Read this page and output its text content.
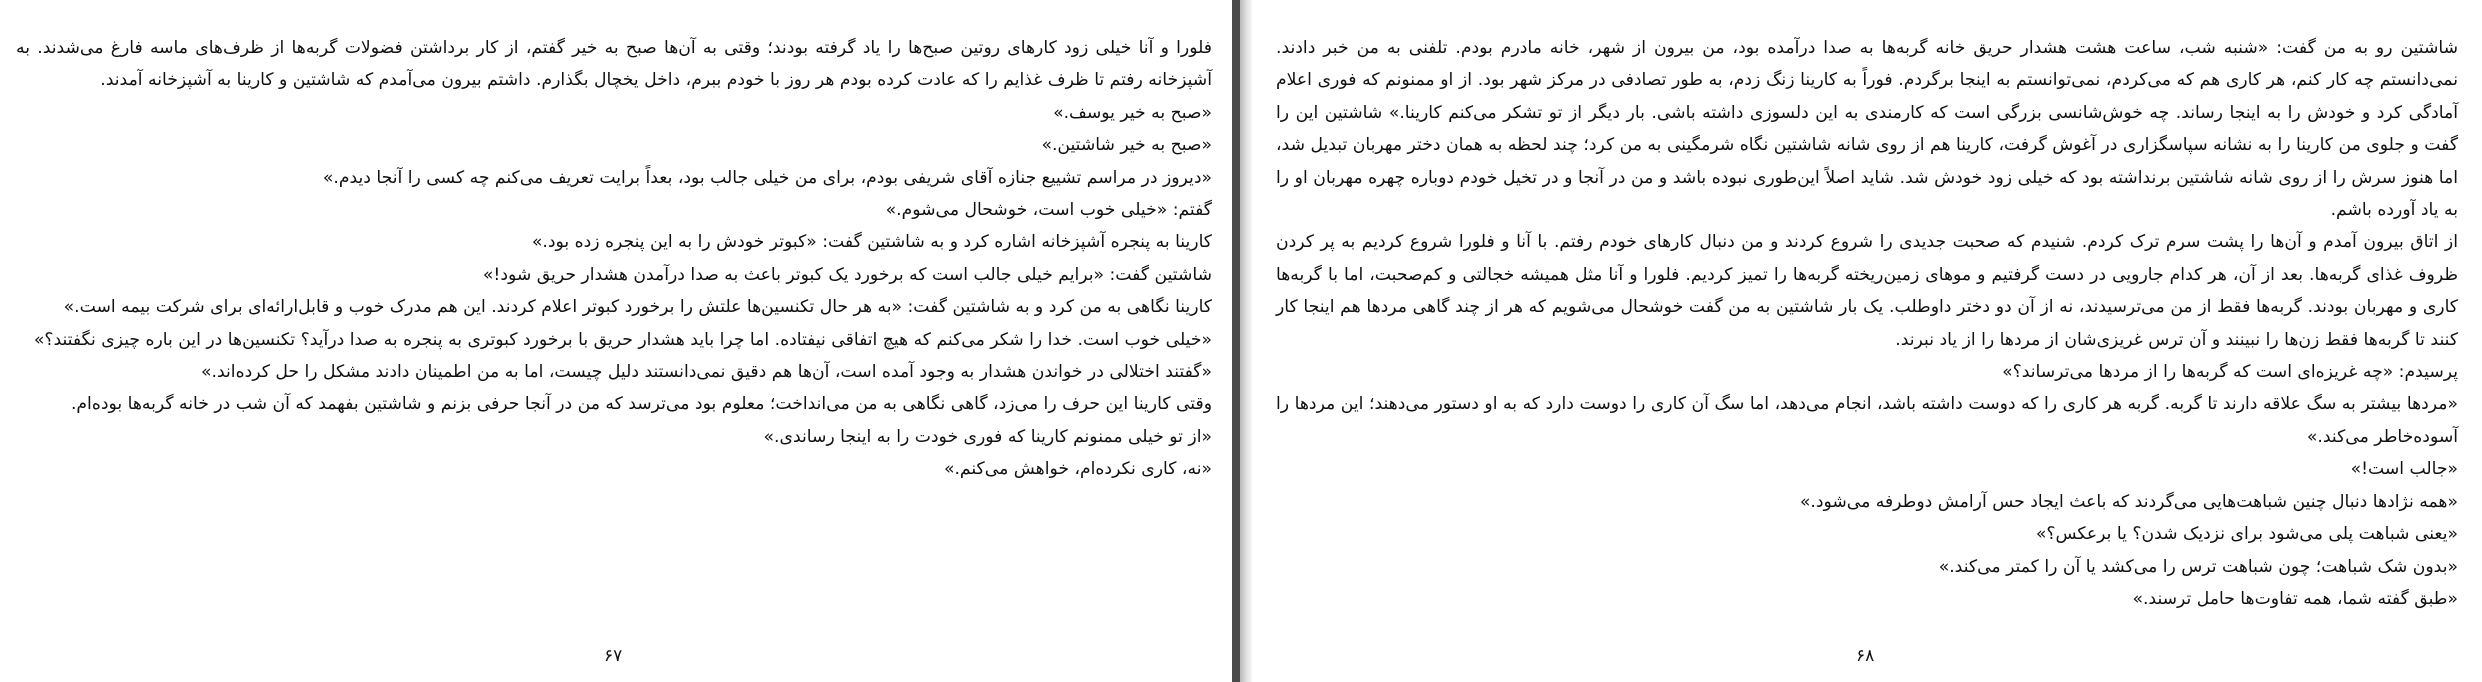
فلورا و آنا خیلی زود کارهای روتین صبح‌ها را یاد گرفته بودند؛ وقتی به آن‌ها صبح به خیر گفتم، از کار برداشتن فضولات گربه‌ها از ظرف‌های ماسه فارغ می‌شدند. به آشپزخانه رفتم تا ظرف غذایم را که عادت کرده بودم هر روز با خودم ببرم، داخل یخچال بگذارم. داشتم بیرون می‌آمدم که شاشتین و کارینا به آشپزخانه آمدند.

«صبح به خیر یوسف.»

«صبح به خیر شاشتین.»

«دیروز در مراسم تشییع جنازه آقای شریفی بودم، برای من خیلی جالب بود، بعداً برایت تعریف می‌کنم چه کسی را آنجا دیدم.»

گفتم: «خیلی خوب است، خوشحال می‌شوم.»

کارینا به پنجره آشپزخانه اشاره کرد و به شاشتین گفت: «کبوتر خودش را به این پنجره زده بود.»

شاشتین گفت: «برایم خیلی جالب است که برخورد یک کبوتر باعث به صدا درآمدن هشدار حریق شود!»

کارینا نگاهی به من کرد و به شاشتین گفت: «به هر حال تکنسین‌ها علتش را برخورد کبوتر اعلام کردند. این هم مدرک خوب و قابل‌ارائه‌ای برای شرکت بیمه است.»

«خیلی خوب است. خدا را شکر می‌کنم که هیچ اتفاقی نیفتاده. اما چرا باید هشدار حریق با برخورد کبوتری به پنجره به صدا درآید؟ تکنسین‌ها در این باره چیزی نگفتند؟»

«گفتند اختلالی در خواندن هشدار به وجود آمده است، آن‌ها هم دقیق نمی‌دانستند دلیل چیست، اما به من اطمینان دادند مشکل را حل کرده‌اند.»

وقتی کارینا این حرف را می‌زد، گاهی نگاهی به من می‌انداخت؛ معلوم بود می‌ترسد که من در آنجا حرفی بزنم و شاشتین بفهمد که آن شب در خانه گربه‌ها بوده‌ام.

«از تو خیلی ممنونم کارینا که فوری خودت را به اینجا رساندی.»

«نه، کاری نکرده‌ام، خواهش می‌کنم.»

۶۷

شاشتین رو به من گفت: «شنبه شب، ساعت هشت هشدار حریق خانه گربه‌ها به صدا درآمده بود، من بیرون از شهر، خانه مادرم بودم. تلفنی به من خبر دادند. نمی‌دانستم چه کار کنم، هر کاری هم که می‌کردم، نمی‌توانستم به اینجا برگردم. فوراً به کارینا زنگ زدم، به طور تصادفی در مرکز شهر بود. از او ممنونم که فوری اعلام آمادگی کرد و خودش را به اینجا رساند. چه خوش‌شانسی بزرگی است که کارمندی به این دلسوزی داشته باشی. بار دیگر از تو تشکر می‌کنم کارینا.» شاشتین این را گفت و جلوی من کارینا را به نشانه سپاسگزاری در آغوش گرفت، کارینا هم از روی شانه شاشتین نگاه شرمگینی به من کرد؛ چند لحظه به همان دختر مهربان تبدیل شد، اما هنوز سرش را از روی شانه شاشتین برنداشته بود که خیلی زود خودش شد. شاید اصلاً این‌طوری نبوده باشد و من در آنجا و در تخیل خودم دوباره چهره مهربان او را به یاد آورده باشم.

از اتاق بیرون آمدم و آن‌ها را پشت سرم ترک کردم. شنیدم که صحبت جدیدی را شروع کردند و من دنبال کارهای خودم رفتم. با آنا و فلورا شروع کردیم به پر کردن ظروف غذای گربه‌ها. بعد از آن، هر کدام جارویی در دست گرفتیم و موهای زمین‌ریخته گربه‌ها را تمیز کردیم. فلورا و آنا مثل همیشه خجالتی و کم‌صحبت، اما با گربه‌ها کاری و مهربان بودند. گربه‌ها فقط از من می‌ترسیدند، نه از آن دو دختر داوطلب. یک بار شاشتین به من گفت خوشحال می‌شویم که هر از چند گاهی مردها هم اینجا کار کنند تا گربه‌ها فقط زن‌ها را نبینند و آن ترس غریزی‌شان از مردها را از یاد نبرند.

پرسیدم: «چه غریزه‌ای است که گربه‌ها را از مردها می‌ترساند؟»

«مردها بیشتر به سگ علاقه دارند تا گربه. گربه هر کاری را که دوست داشته باشد، انجام می‌دهد، اما سگ آن کاری را دوست دارد که به او دستور می‌دهند؛ این مردها را آسوده‌خاطر می‌کند.»

«جالب است!»

«همه نژادها دنبال چنین شباهت‌هایی می‌گردند که باعث ایجاد حس آرامش دوطرفه می‌شود.»

«یعنی شباهت پلی می‌شود برای نزدیک شدن؟ یا برعکس؟»

«بدون شک شباهت؛ چون شباهت ترس را می‌کشد یا آن را کمتر می‌کند.»

«طبق گفته شما، همه تفاوت‌ها حامل ترسند.»

۶۸
